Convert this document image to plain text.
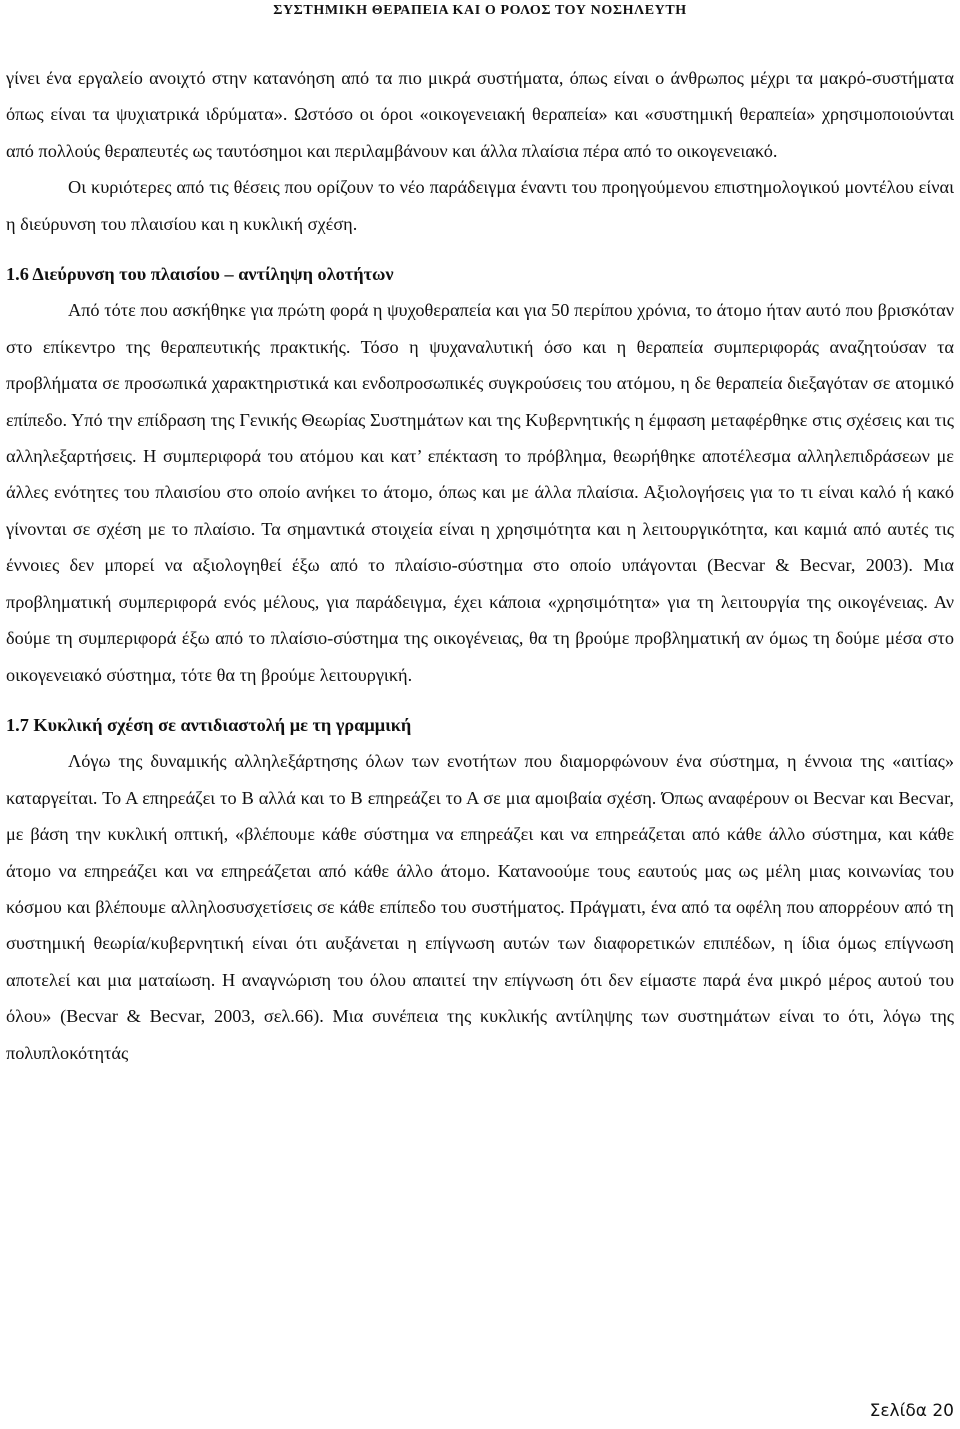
ΣΥΣΤΗΜΙΚΗ ΘΕΡΑΠΕΙΑ ΚΑΙ Ο ΡΟΛΟΣ ΤΟΥ ΝΟΣΗΛΕΥΤΗ

γίνει ένα εργαλείο ανοιχτό στην κατανόηση από τα πιο μικρά συστήματα, όπως είναι ο άνθρωπος μέχρι τα μακρό-συστήματα όπως είναι τα ψυχιατρικά ιδρύματα». Ωστόσο οι όροι «οικογενειακή θεραπεία» και «συστημική θεραπεία» χρησιμοποιούνται από πολλούς θεραπευτές ως ταυτόσημοι και περιλαμβάνουν και άλλα πλαίσια πέρα από το οικογενειακό.

Οι κυριότερες από τις θέσεις που ορίζουν το νέο παράδειγμα έναντι του προηγούμενου επιστημολογικού μοντέλου είναι η διεύρυνση του πλαισίου και η κυκλική σχέση.

1.6 Διεύρυνση του πλαισίου – αντίληψη ολοτήτων

Από τότε που ασκήθηκε για πρώτη φορά η ψυχοθεραπεία και για 50 περίπου χρόνια, το άτομο ήταν αυτό που βρισκόταν στο επίκεντρο της θεραπευτικής πρακτικής. Τόσο η ψυχαναλυτική όσο και η θεραπεία συμπεριφοράς αναζητούσαν τα προβλήματα σε προσωπικά χαρακτηριστικά και ενδοπροσωπικές συγκρούσεις του ατόμου, η δε θεραπεία διεξαγόταν σε ατομικό επίπεδο. Υπό την επίδραση της Γενικής Θεωρίας Συστημάτων και της Κυβερνητικής η έμφαση μεταφέρθηκε στις σχέσεις και τις αλληλεξαρτήσεις. Η συμπεριφορά του ατόμου και κατ’ επέκταση το πρόβλημα, θεωρήθηκε αποτέλεσμα αλληλεπιδράσεων με άλλες ενότητες του πλαισίου στο οποίο ανήκει το άτομο, όπως και με άλλα πλαίσια. Αξιολογήσεις για το τι είναι καλό ή κακό γίνονται σε σχέση με το πλαίσιο. Τα σημαντικά στοιχεία είναι η χρησιμότητα και η λειτουργικότητα, και καμιά από αυτές τις έννοιες δεν μπορεί να αξιολογηθεί έξω από το πλαίσιο-σύστημα στο οποίο υπάγονται (Becvar & Becvar, 2003). Μια προβληματική συμπεριφορά ενός μέλους, για παράδειγμα, έχει κάποια «χρησιμότητα» για τη λειτουργία της οικογένειας. Αν δούμε τη συμπεριφορά έξω από το πλαίσιο-σύστημα της οικογένειας, θα τη βρούμε προβληματική αν όμως τη δούμε μέσα στο οικογενειακό σύστημα, τότε θα τη βρούμε λειτουργική.

1.7 Κυκλική σχέση σε αντιδιαστολή με τη γραμμική

Λόγω της δυναμικής αλληλεξάρτησης όλων των ενοτήτων που διαμορφώνουν ένα σύστημα, η έννοια της «αιτίας» καταργείται. Το Α επηρεάζει το Β αλλά και το Β επηρεάζει το Α σε μια αμοιβαία σχέση. Όπως αναφέρουν οι Becvar και Becvar, με βάση την κυκλική οπτική, «βλέπουμε κάθε σύστημα να επηρεάζει και να επηρεάζεται από κάθε άλλο σύστημα, και κάθε άτομο να επηρεάζει και να επηρεάζεται από κάθε άλλο άτομο. Κατανοούμε τους εαυτούς μας ως μέλη μιας κοινωνίας του κόσμου και βλέπουμε αλληλοσυσχετίσεις σε κάθε επίπεδο του συστήματος. Πράγματι, ένα από τα οφέλη που απορρέουν από τη συστημική θεωρία/κυβερνητική είναι ότι αυξάνεται η επίγνωση αυτών των διαφορετικών επιπέδων, η ίδια όμως επίγνωση αποτελεί και μια ματαίωση. Η αναγνώριση του όλου απαιτεί την επίγνωση ότι δεν είμαστε παρά ένα μικρό μέρος αυτού του όλου» (Becvar & Becvar, 2003, σελ.66). Μια συνέπεια της κυκλικής αντίληψης των συστημάτων είναι το ότι, λόγω της πολυπλοκότητάς

Σελίδα 20
